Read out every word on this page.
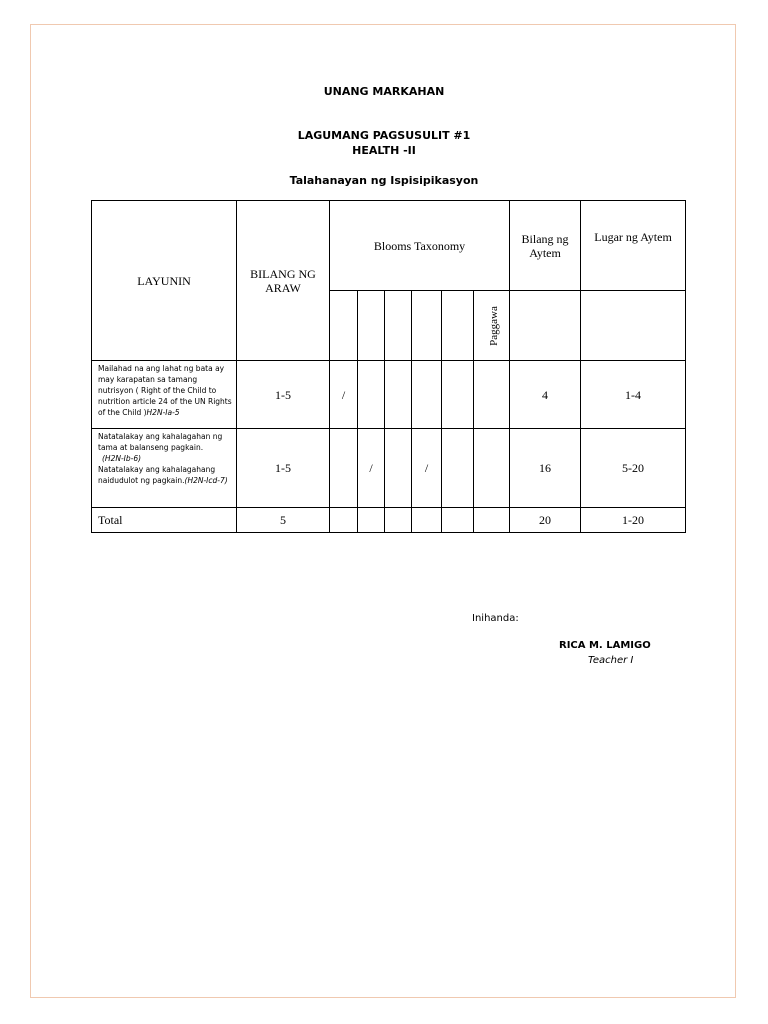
UNANG MARKAHAN
LAGUMANG PAGSUSULIT #1
HEALTH -II
Talahanayan ng Ispisipikasyon
LAYUNIN	BILANG NG ARAW	Blooms Taxonomy						Bilang ng Aytem	Lugar ng Aytem
							Paggawa		
Mailahad na ang lahat ng bata ay may karapatan sa tamang nutrisyon ( Right of the Child to nutrition article 24 of the UN Rights of the Child )H2N-Ia-5	1-5	/						4	1-4
Natatalakay ang kahalagahan ng tama at balanseng pagkain.
(H2N-Ib-6)
Natatalakay ang kahalagahang naidudulot ng pagkain.(H2N-Icd-7)	1-5		/		/			16	5-20
Total	5							20	1-20
Inihanda:
RICA M. LAMIGO
Teacher I
